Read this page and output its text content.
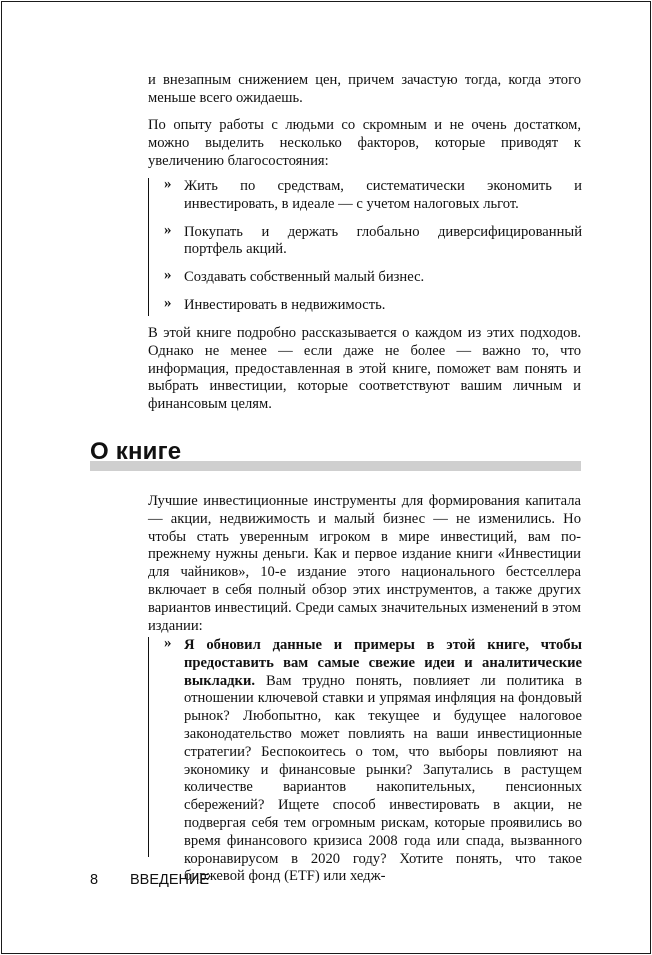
и внезапным снижением цен, причем зачастую тогда, когда этого меньше всего ожидаешь.

По опыту работы с людьми со скромным и не очень достатком, можно выделить несколько факторов, которые приводят к увеличению благосостояния:

» Жить по средствам, систематически экономить и инвестировать, в идеале — с учетом налоговых льгот.
» Покупать и держать глобально диверсифицированный портфель акций.
» Создавать собственный малый бизнес.
» Инвестировать в недвижимость.

В этой книге подробно рассказывается о каждом из этих подходов. Однако не менее — если даже не более — важно то, что информация, предоставленная в этой книге, поможет вам понять и выбрать инвестиции, которые соответствуют вашим личным и финансовым целям.

О книге

Лучшие инвестиционные инструменты для формирования капитала — акции, недвижимость и малый бизнес — не изменились. Но чтобы стать уверенным игроком в мире инвестиций, вам по-прежнему нужны деньги. Как и первое издание книги «Инвестиции для чайников», 10-е издание этого национального бестселлера включает в себя полный обзор этих инструментов, а также других вариантов инвестиций. Среди самых значительных изменений в этом издании:

» Я обновил данные и примеры в этой книге, чтобы предоставить вам самые свежие идеи и аналитические выкладки. Вам трудно понять, повлияет ли политика в отношении ключевой ставки и упрямая инфляция на фондовый рынок? Любопытно, как текущее и будущее налоговое законодательство может повлиять на ваши инвестиционные стратегии? Беспокоитесь о том, что выборы повлияют на экономику и финансовые рынки? Запутались в растущем количестве вариантов накопительных, пенсионных сбережений? Ищете способ инвестировать в акции, не подвергая себя тем огромным рискам, которые проявились во время финансового кризиса 2008 года или спада, вызванного коронавирусом в 2020 году? Хотите понять, что такое биржевой фонд (ETF) или хедж-
8 ВВЕДЕНИЕ
